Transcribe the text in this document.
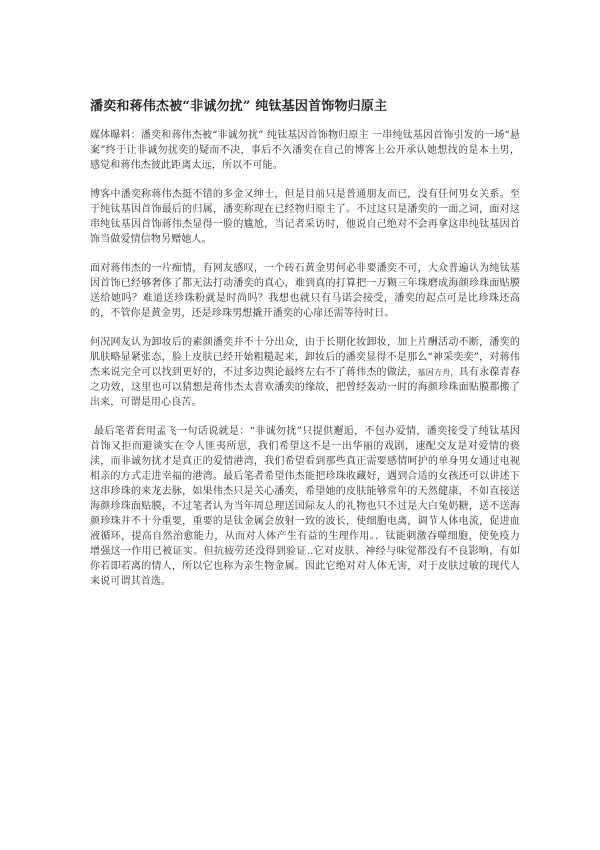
潘奕和蒋伟杰被“非诚勿扰” 纯钛基因首饰物归原主

媒体曝料：潘奕和蒋伟杰被“非诚勿扰” 纯钛基因首饰物归原主 一串纯钛基因首饰引发的一场“悬案”终于让非诚勿扰奕的疑而不决，事后不久潘奕在自己的博客上公开承认她想找的是本土男，感觉和蒋伟杰彼此距离太远，所以不可能。

博客中潘奕称蒋伟杰挺不错的多金又绅士，但是目前只是普通朋友而已，没有任何男女关系。至于纯钛基因首饰最后的归属，潘奕称现在已经物归原主了。不过这只是潘奕的一面之词，面对这串纯钛基因首饰蒋伟杰显得一脸的尴尬，当记者采访时，他说自己绝对不会再拿这串纯钛基因首饰当做爱情信物另赠她人。

面对蒋伟杰的一片痴情，有网友感叹，一个砖石黄金男何必非要潘奕不可，大众普遍认为纯钛基因首饰已经够奢侈了都无法打动潘奕的真心，难到真的打算把一万颗三年珠磨成海颜珍珠面贴膜送给她吗？难道送珍珠粉就是时尚吗？我想也就只有马诺会接受，潘奕的起点可是比珍珠还高的，不管你是黄金男，还是珍珠男想撬开潘奕的心扉还需等待时日。

何况网友认为卸妆后的素颜潘奕并不十分出众，由于长期化妆卸妆，加上片酬活动不断，潘奕的肌肤略显紧张态，脸上皮肤已经开始粗糙起来，卸妆后的潘奕显得不是那么“神采奕奕”，对蒋伟杰来说完全可以找到更好的，不过多边舆论最终左右不了蒋伟杰的做法，基因方舟，具有永葆青春之功效，这里也可以猜想是蒋伟杰太喜欢潘奕的缘故，把曾经轰动一时的海颜珍珠面贴膜都搬了出来，可谓是用心良苦。

最后笔者套用孟飞一句话说就是：“非诚勿扰”只提供邂逅，不包办爱情，潘奕接受了纯钛基因首饰又拒而避谈实在令人匪夷所思，我们希望这不是一出华丽的戏剧，速配交友是对爱情的亵渎，而非诚勿扰才是真正的爱情港湾，我们希望看到那些真正需要感情呵护的单身男女通过电视相亲的方式走进幸福的港湾。最后笔者希望伟杰能把珍珠收藏好，遇到合适的女孩还可以讲述下这串珍珠的来龙去脉，如果伟杰只是关心潘奕，希望她的皮肤能够常年的天然健康，不如直接送海颜珍珠面贴膜，不过笔者认为当年周总理送国际友人的礼物也只不过是大白兔奶糖，送不送海颜珍珠并不十分重要，重要的是钛金属会放射一致的波长，使细胞电离，调节人体电流，促进血液循环，提高自然治愈能力，从而对人体产生有益的生理作用。．钛能刺激吞噬细胞，使免疫力增强这一作用已被证实。但抗疲劳还没得到验证..它对皮肤、神经与味觉都没有不良影响，有如你若即若离的情人，所以它也称为亲生物金属。因此它绝对对人体无害，对于皮肤过敏的现代人来说可谓其首选。
